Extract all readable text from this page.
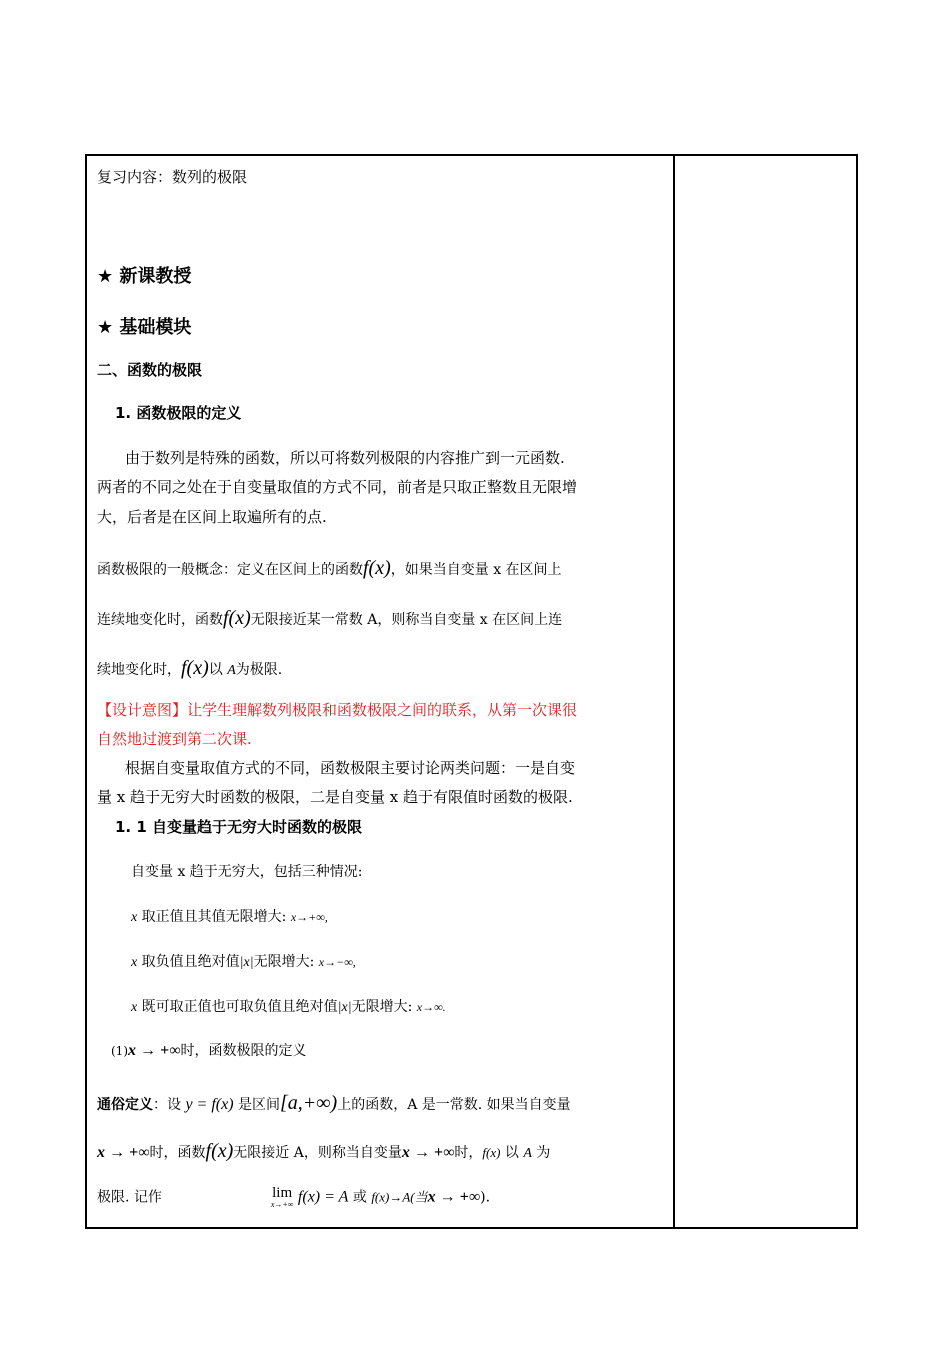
复习内容：数列的极限
★ 新课教授
★ 基础模块
二、函数的极限
1. 函数极限的定义
由于数列是特殊的函数，所以可将数列极限的内容推广到一元函数.
两者的不同之处在于自变量取值的方式不同，前者是只取正整数且无限增
大，后者是在区间上取遍所有的点.
函数极限的一般概念：定义在区间上的函数f(x)，如果当自变量 x 在区间上
连续地变化时，函数f(x)无限接近某一常数 A，则称当自变量 x 在区间上连
续地变化时，f(x)以 A为极限.
【设计意图】让学生理解数列极限和函数极限之间的联系，从第一次课很
自然地过渡到第二次课.
根据自变量取值方式的不同，函数极限主要讨论两类问题：一是自变
量 x 趋于无穷大时函数的极限，二是自变量 x 趋于有限值时函数的极限.
1. 1 自变量趋于无穷大时函数的极限
自变量 x 趋于无穷大，包括三种情况:
x 取正值且其值无限增大: x→+∞,
x 取负值且绝对值|x|无限增大: x→−∞,
x 既可取正值也可取负值且绝对值|x|无限增大: x→∞.
(1)x → +∞时，函数极限的定义
通俗定义：设 y = f(x) 是区间[a,+∞)上的函数，A 是一常数. 如果当自变量
x → +∞时，函数f(x)无限接近 A，则称当自变量x → +∞时，f(x) 以 A 为
极限. 记作	lim
x→+∞ f(x) = A 或 f(x)→A(当x → +∞).
